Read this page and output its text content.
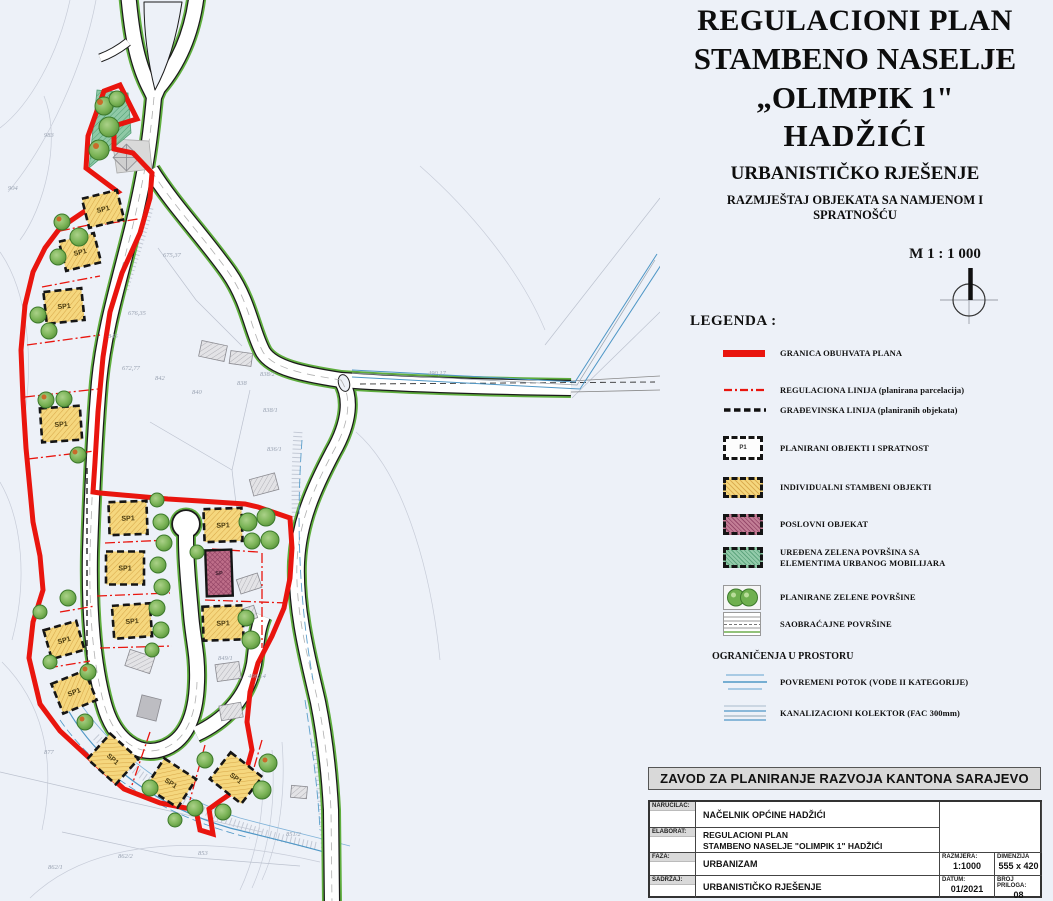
SP1
SP1
SP1
SP1
SP1
SP1
SP1
SP1
SP1
SP1
SP1
SP1
SP1	SP1
SP
983
904
675,37
676,35
845
672,77
842
840
838
838/2
838/1
836/1
490,17
849/1
496,14
877
862/1
862/2	853
851/2
REGULACIONI PLAN
STAMBENO NASELJE
„OLIMPIK 1"
HADŽIĆI
URBANISTIČKO RJEŠENJE
RAZMJEŠTAJ OBJEKATA SA NAMJENOM I
SPRATNOŠĆU
M 1 : 1 000
LEGENDA :
GRANICA OBUHVATA PLANA
REGULACIONA LINIJA (planirana parcelacija)
GRAĐEVINSKA LINIJA (planiranih objekata)
P1	PLANIRANI OBJEKTI I SPRATNOST
INDIVIDUALNI STAMBENI OBJEKTI
POSLOVNI OBJEKAT
UREĐENA ZELENA POVRŠINA SA
ELEMENTIMA URBANOG MOBILIJARA
PLANIRANE ZELENE POVRŠINE
SAOBRAĆAJNE POVRŠINE
OGRANIČENJA U PROSTORU
POVREMENI POTOK (VODE II KATEGORIJE)
KANALIZACIONI KOLEKTOR (FAC 300mm)
ZAVOD ZA PLANIRANJE RAZVOJA KANTONA SARAJEVO
NARUČILAC:
NAČELNIK OPĆINE HADŽIĆI
ELABORAT:	REGULACIONI PLAN
STAMBENO NASELJE "OLIMPIK 1" HADŽIĆI
FAZA:
URBANIZAM
RAZMJERA:
1:1000
DIMENZIJA
555 x 420
SADRŽAJ:
URBANISTIČKO RJEŠENJE
DATUM:
01/2021
BROJ PRILOGA:
08
